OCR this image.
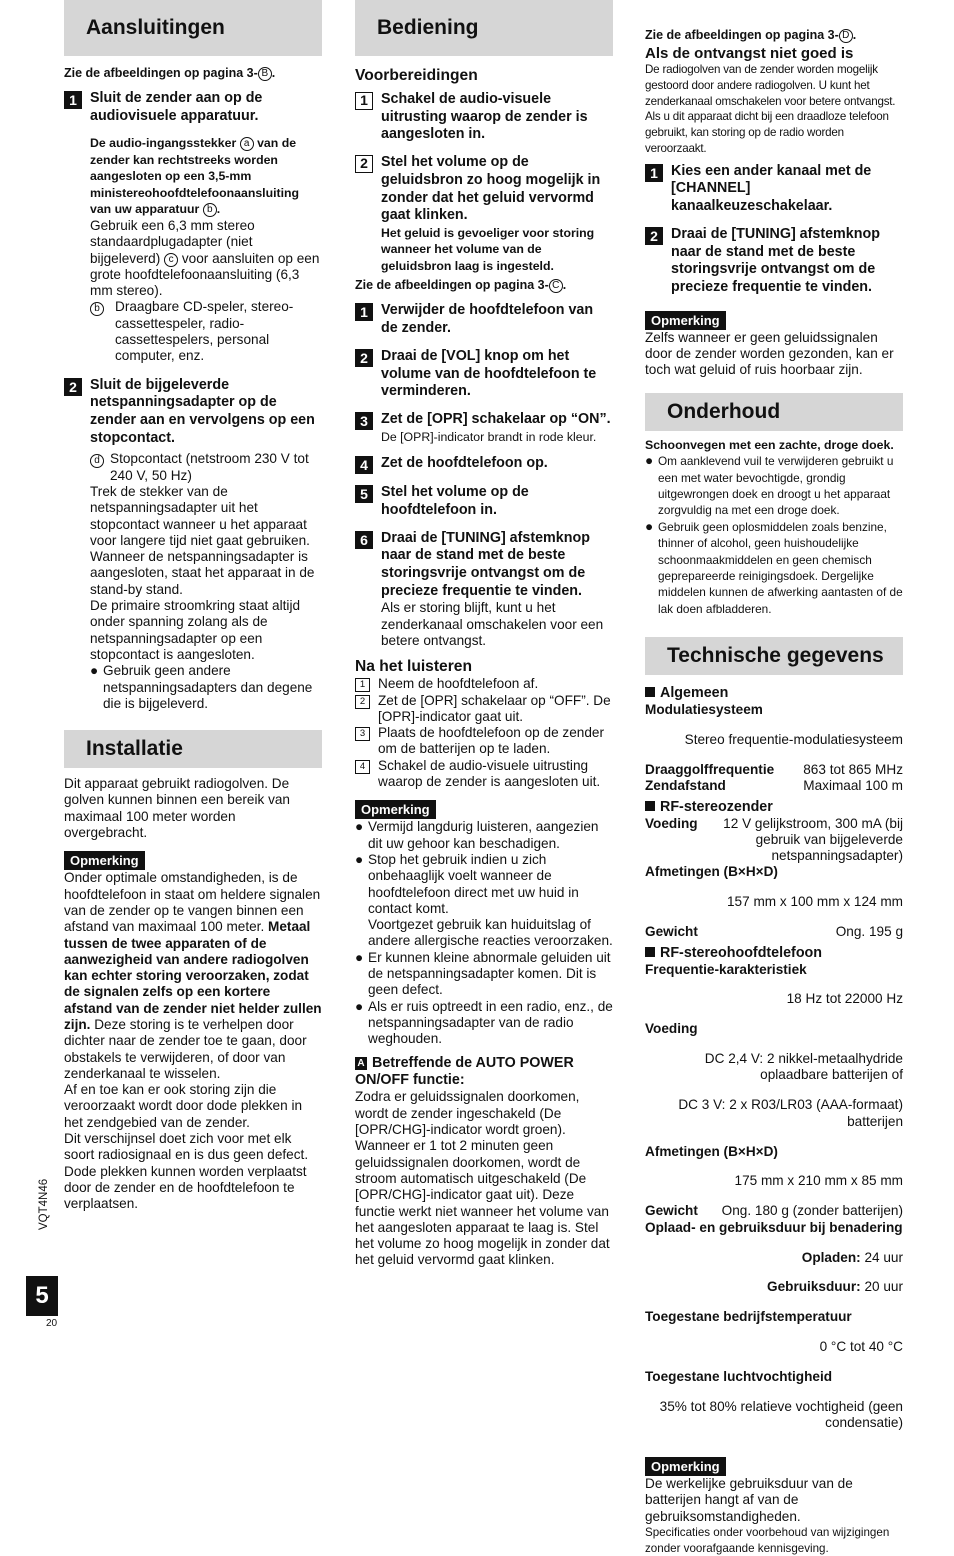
Aansluitingen
Zie de afbeeldingen op pagina 3- B .
1 Sluit de zender aan op de audiovisuele apparatuur.

De audio-ingangsstekker a van de zender kan rechtstreeks worden aangesloten op een 3,5-mm ministereohoofdtelefoonaansluiting van uw apparatuur b .

Gebruik een 6,3 mm stereo standaardplugadapter (niet bijgeleverd) c voor aansluiten op een grote hoofdtelefoonaansluiting (6,3 mm stereo).

b	Draagbare CD-speler, stereo-cassettespeler, radio-cassettespelers, personal computer, enz.
2 Sluit de bijgeleverde netspanningsadapter op de zender aan en vervolgens op een stopcontact.
d Stopcontact (netstroom 230 V tot 240 V, 50 Hz)

Trek de stekker van de netspanningsadapter uit het stopcontact wanneer u het apparaat voor langere tijd niet gaat gebruiken.

Wanneer de netspanningsadapter is aangesloten, staat het apparaat in de stand-by stand.

De primaire stroomkring staat altijd onder spanning zolang als de netspanningsadapter op een stopcontact is aangesloten.

● Gebruik geen andere netspanningsadapters dan degene die is bijgeleverd.
Installatie

Dit apparaat gebruikt radiogolven. De golven kunnen binnen een bereik van maximaal 100 meter worden overgebracht.

Opmerking

Onder optimale omstandigheden, is de hoofdtelefoon in staat om heldere signalen van de zender op te vangen binnen een afstand van maximaal 100 meter. Metaal tussen de twee apparaten of de aanwezigheid van andere radiogolven kan echter storing veroorzaken, zodat de signalen zelfs op een kortere afstand van de zender niet helder zullen zijn. Deze storing is te verhelpen door dichter naar de zender toe te gaan, door obstakels te verwijderen, of door van zenderkanaal te wisselen.

Af en toe kan er ook storing zijn die veroorzaakt wordt door dode plekken in het zendgebied van de zender.

Dit verschijnsel doet zich voor met elk soort radiosignaal en is dus geen defect. Dode plekken kunnen worden verplaatst door de zender en de hoofdtelefoon te verplaatsen.

Bediening
Voorbereidingen
1 Schakel de audio-visuele uitrusting waarop de zender is aangesloten in.
2 Stel het volume op de geluidsbron zo hoog mogelijk in zonder dat het geluid vervormd gaat klinken.

Het geluid is gevoeliger voor storing wanneer het volume van de geluidsbron laag is ingesteld.

Zie de afbeeldingen op pagina 3- C .
1 Verwijder de hoofdtelefoon van de zender.
2 Draai de [VOL] knop om het volume van de hoofdtelefoon te verminderen.
3 Zet de [OPR] schakelaar op “ON”.

De [OPR]-indicator brandt in rode kleur.

4 Zet de hoofdtelefoon op.
5 Stel het volume op de hoofdtelefoon in.
6 Draai de [TUNING] afstemknop naar de stand met de beste storingsvrije ontvangst om de precieze frequentie te vinden.

Als er storing blijft, kunt u het zenderkanaal omschakelen voor een betere ontvangst.

Na het luisteren
1 Neem de hoofdtelefoon af.
2 Zet de [OPR] schakelaar op “OFF”. De [OPR]-indicator gaat uit.
3 Plaats de hoofdtelefoon op de zender om de batterijen op te laden.
4 Schakel de audio-visuele uitrusting waarop de zender is aangesloten uit.
Opmerking
● Vermijd langdurig luisteren, aangezien dit uw gehoor kan beschadigen.
● Stop het gebruik indien u zich onbehaaglijk voelt wanneer de hoofdtelefoon direct met uw huid in contact komt.
Voortgezet gebruik kan huiduitslag of andere allergische reacties veroorzaken.
● Er kunnen kleine abnormale geluiden uit de netspanningsadapter komen. Dit is geen defect.
● Als er ruis optreedt in een radio, enz., de netspanningsadapter van de radio weghouden.
A Betreffende de AUTO POWER ON/OFF functie:

Zodra er geluidssignalen doorkomen, wordt de zender ingeschakeld (De [OPR/CHG]-indicator wordt groen). Wanneer er 1 tot 2 minuten geen geluidssignalen doorkomen, wordt de stroom automatisch uitgeschakeld (De [OPR/CHG]-indicator gaat uit). Deze functie werkt niet wanneer het volume van het aangesloten apparaat te laag is. Stel het volume zo hoog mogelijk in zonder dat het geluid vervormd gaat klinken.

Zie de afbeeldingen op pagina 3- D .
Als de ontvangst niet goed is

De radiogolven van de zender worden mogelijk gestoord door andere radiogolven. U kunt het zenderkanaal omschakelen voor betere ontvangst. Als u dit apparaat dicht bij een draadloze telefoon gebruikt, kan storing op de radio worden veroorzaakt.

1 Kies een ander kanaal met de [CHANNEL] kanaalkeuzeschakelaar.
2 Draai de [TUNING] afstemknop naar de stand met de beste storingsvrije ontvangst om de precieze frequentie te vinden.
Opmerking

Zelfs wanneer er geen geluidssignalen door de zender worden gezonden, kan er toch wat geluid of ruis hoorbaar zijn.

Onderhoud

Schoonvegen met een zachte, droge doek.

● Om aanklevend vuil te verwijderen gebruikt u een met water bevochtigde, grondig uitgewrongen doek en droogt u het apparaat zorgvuldig na met een droge doek.
● Gebruik geen oplosmiddelen zoals benzine, thinner of alcohol, geen huishoudelijke schoonmaakmiddelen en geen chemisch geprepareerde reinigingsdoek. Dergelijke middelen kunnen de afwerking aantasten of de lak doen afbladderen.
Technische gegevens
Algemeen

Modulatiesysteem

Stereo frequentie-modulatiesysteem

Draaggolffrequentie 863 tot 865 MHz
Zendafstand	Maximaal 100 m
RF-stereozender
Voeding 12 V gelijkstroom, 300 mA (bij gebruik van bijgeleverde netspanningsadapter)

Afmetingen (B×H×D)

157 mm x 100 mm x 124 mm

Gewicht	Ong. 195 g
RF-stereohoofdtelefoon

Frequentie-karakteristiek

18 Hz tot 22000 Hz

Voeding

DC 2,4 V: 2 nikkel-metaalhydride oplaadbare batterijen of

DC 3 V: 2 x R03/LR03 (AAA-formaat) batterijen

Afmetingen (B×H×D)

175 mm x 210 mm x 85 mm

Gewicht Ong. 180 g (zonder batterijen)

Oplaad- en gebruiksduur bij benadering

Opladen: 24 uur

Gebruiksduur: 20 uur

Toegestane bedrijfstemperatuur

0 °C tot 40 °C

Toegestane luchtvochtigheid

35% tot 80% relatieve vochtigheid (geen condensatie)

Opmerking

De werkelijke gebruiksduur van de batterijen hangt af van de gebruiksomstandigheden.

Specificaties onder voorbehoud van wijzigingen zonder voorafgaande kennisgeving.

VQT4N46
5
20
